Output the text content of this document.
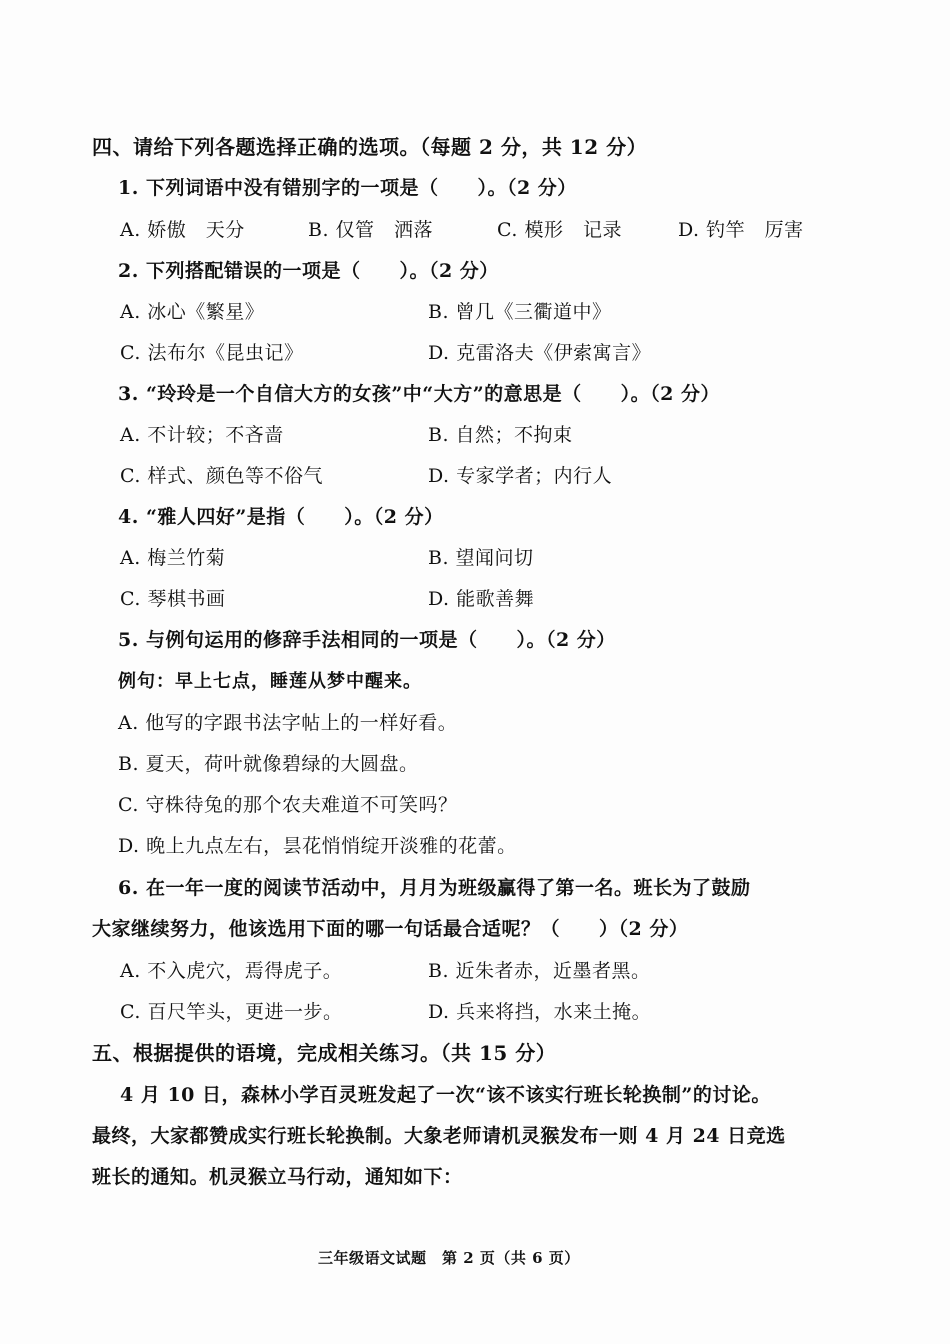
四、请给下列各题选择正确的选项。（每题 2 分，共 12 分）
1. 下列词语中没有错别字的一项是（　　）。（2 分）
A. 娇傲　天分	B. 仅管　洒落	C. 模形　记录	D. 钓竿　厉害
2. 下列搭配错误的一项是（　　）。（2 分）
A. 冰心《繁星》	B. 曾几《三衢道中》
C. 法布尔《昆虫记》	D. 克雷洛夫《伊索寓言》
3. “玲玲是一个自信大方的女孩”中“大方”的意思是（　　）。（2 分）
A. 不计较；不吝啬	B. 自然；不拘束
C. 样式、颜色等不俗气	D. 专家学者；内行人
4. “雅人四好”是指（　　）。（2 分）
A. 梅兰竹菊	B. 望闻问切
C. 琴棋书画	D. 能歌善舞
5. 与例句运用的修辞手法相同的一项是（　　）。（2 分）
例句：早上七点，睡莲从梦中醒来。
A. 他写的字跟书法字帖上的一样好看。
B. 夏天，荷叶就像碧绿的大圆盘。
C. 守株待兔的那个农夫难道不可笑吗？
D. 晚上九点左右，昙花悄悄绽开淡雅的花蕾。
6. 在一年一度的阅读节活动中，月月为班级赢得了第一名。班长为了鼓励
大家继续努力，他该选用下面的哪一句话最合适呢？（　　）（2 分）
A. 不入虎穴，焉得虎子。	B. 近朱者赤，近墨者黑。
C. 百尺竿头，更进一步。	D. 兵来将挡，水来土掩。
五、根据提供的语境，完成相关练习。（共 15 分）
4 月 10 日，森林小学百灵班发起了一次“该不该实行班长轮换制”的讨论。
最终，大家都赞成实行班长轮换制。大象老师请机灵猴发布一则 4 月 24 日竞选
班长的通知。机灵猴立马行动，通知如下：
三年级语文试题　第 2 页（共 6 页）
